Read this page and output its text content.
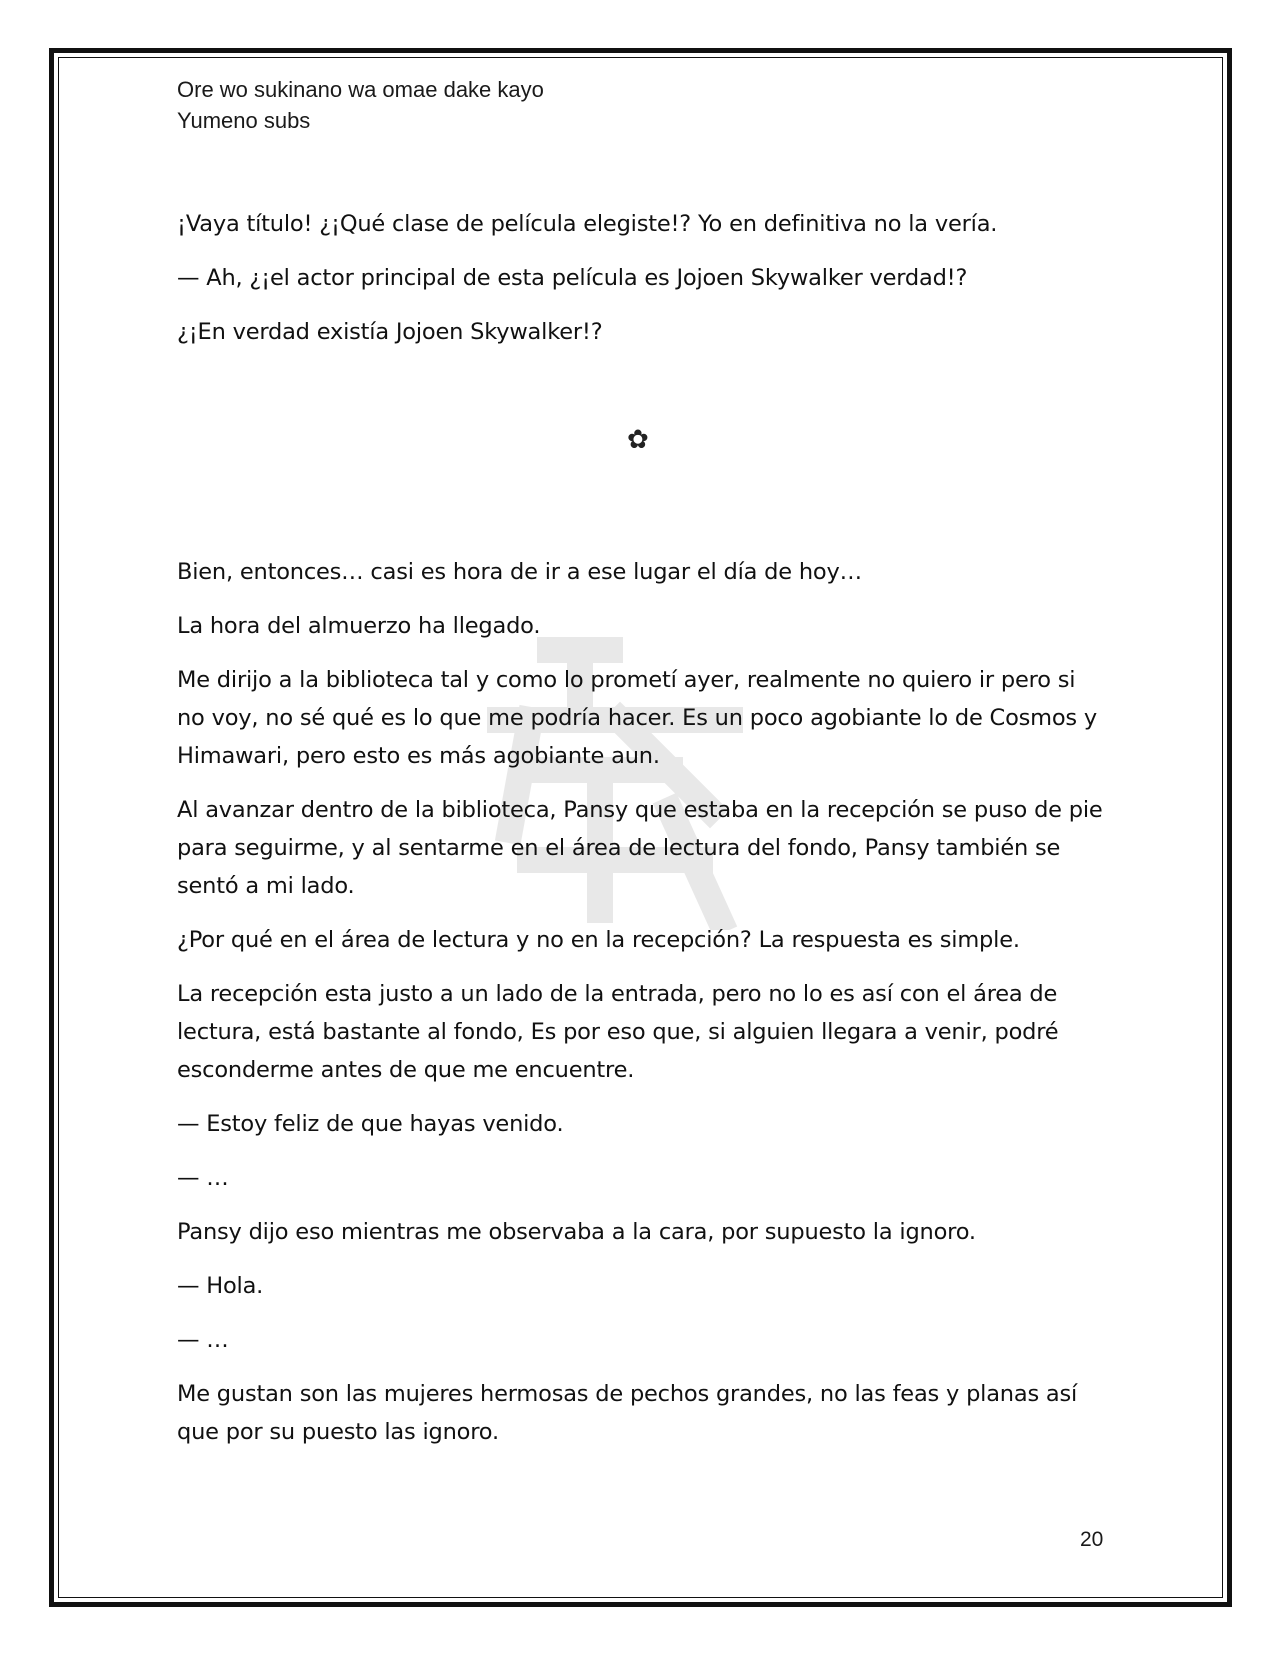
Ore wo sukinano wa omae dake kayo
Yumeno subs

¡Vaya título! ¿¡Qué clase de película elegiste!? Yo en definitiva no la vería.

— Ah, ¿¡el actor principal de esta película es Jojoen Skywalker verdad!?

¿¡En verdad existía Jojoen Skywalker!?

✿

Bien, entonces… casi es hora de ir a ese lugar el día de hoy…

La hora del almuerzo ha llegado.

Me dirijo a la biblioteca tal y como lo prometí ayer, realmente no quiero ir pero si no voy, no sé qué es lo que me podría hacer. Es un poco agobiante lo de Cosmos y Himawari, pero esto es más agobiante aun.

Al avanzar dentro de la biblioteca, Pansy que estaba en la recepción se puso de pie para seguirme, y al sentarme en el área de lectura del fondo, Pansy también se sentó a mi lado.

¿Por qué en el área de lectura y no en la recepción? La respuesta es simple.

La recepción esta justo a un lado de la entrada, pero no lo es así con el área de lectura, está bastante al fondo, Es por eso que, si alguien llegara a venir, podré esconderme antes de que me encuentre.

— Estoy feliz de que hayas venido.

— …

Pansy dijo eso mientras me observaba a la cara, por supuesto la ignoro.

— Hola.

— …

Me gustan son las mujeres hermosas de pechos grandes, no las feas y planas así que por su puesto las ignoro.

20
